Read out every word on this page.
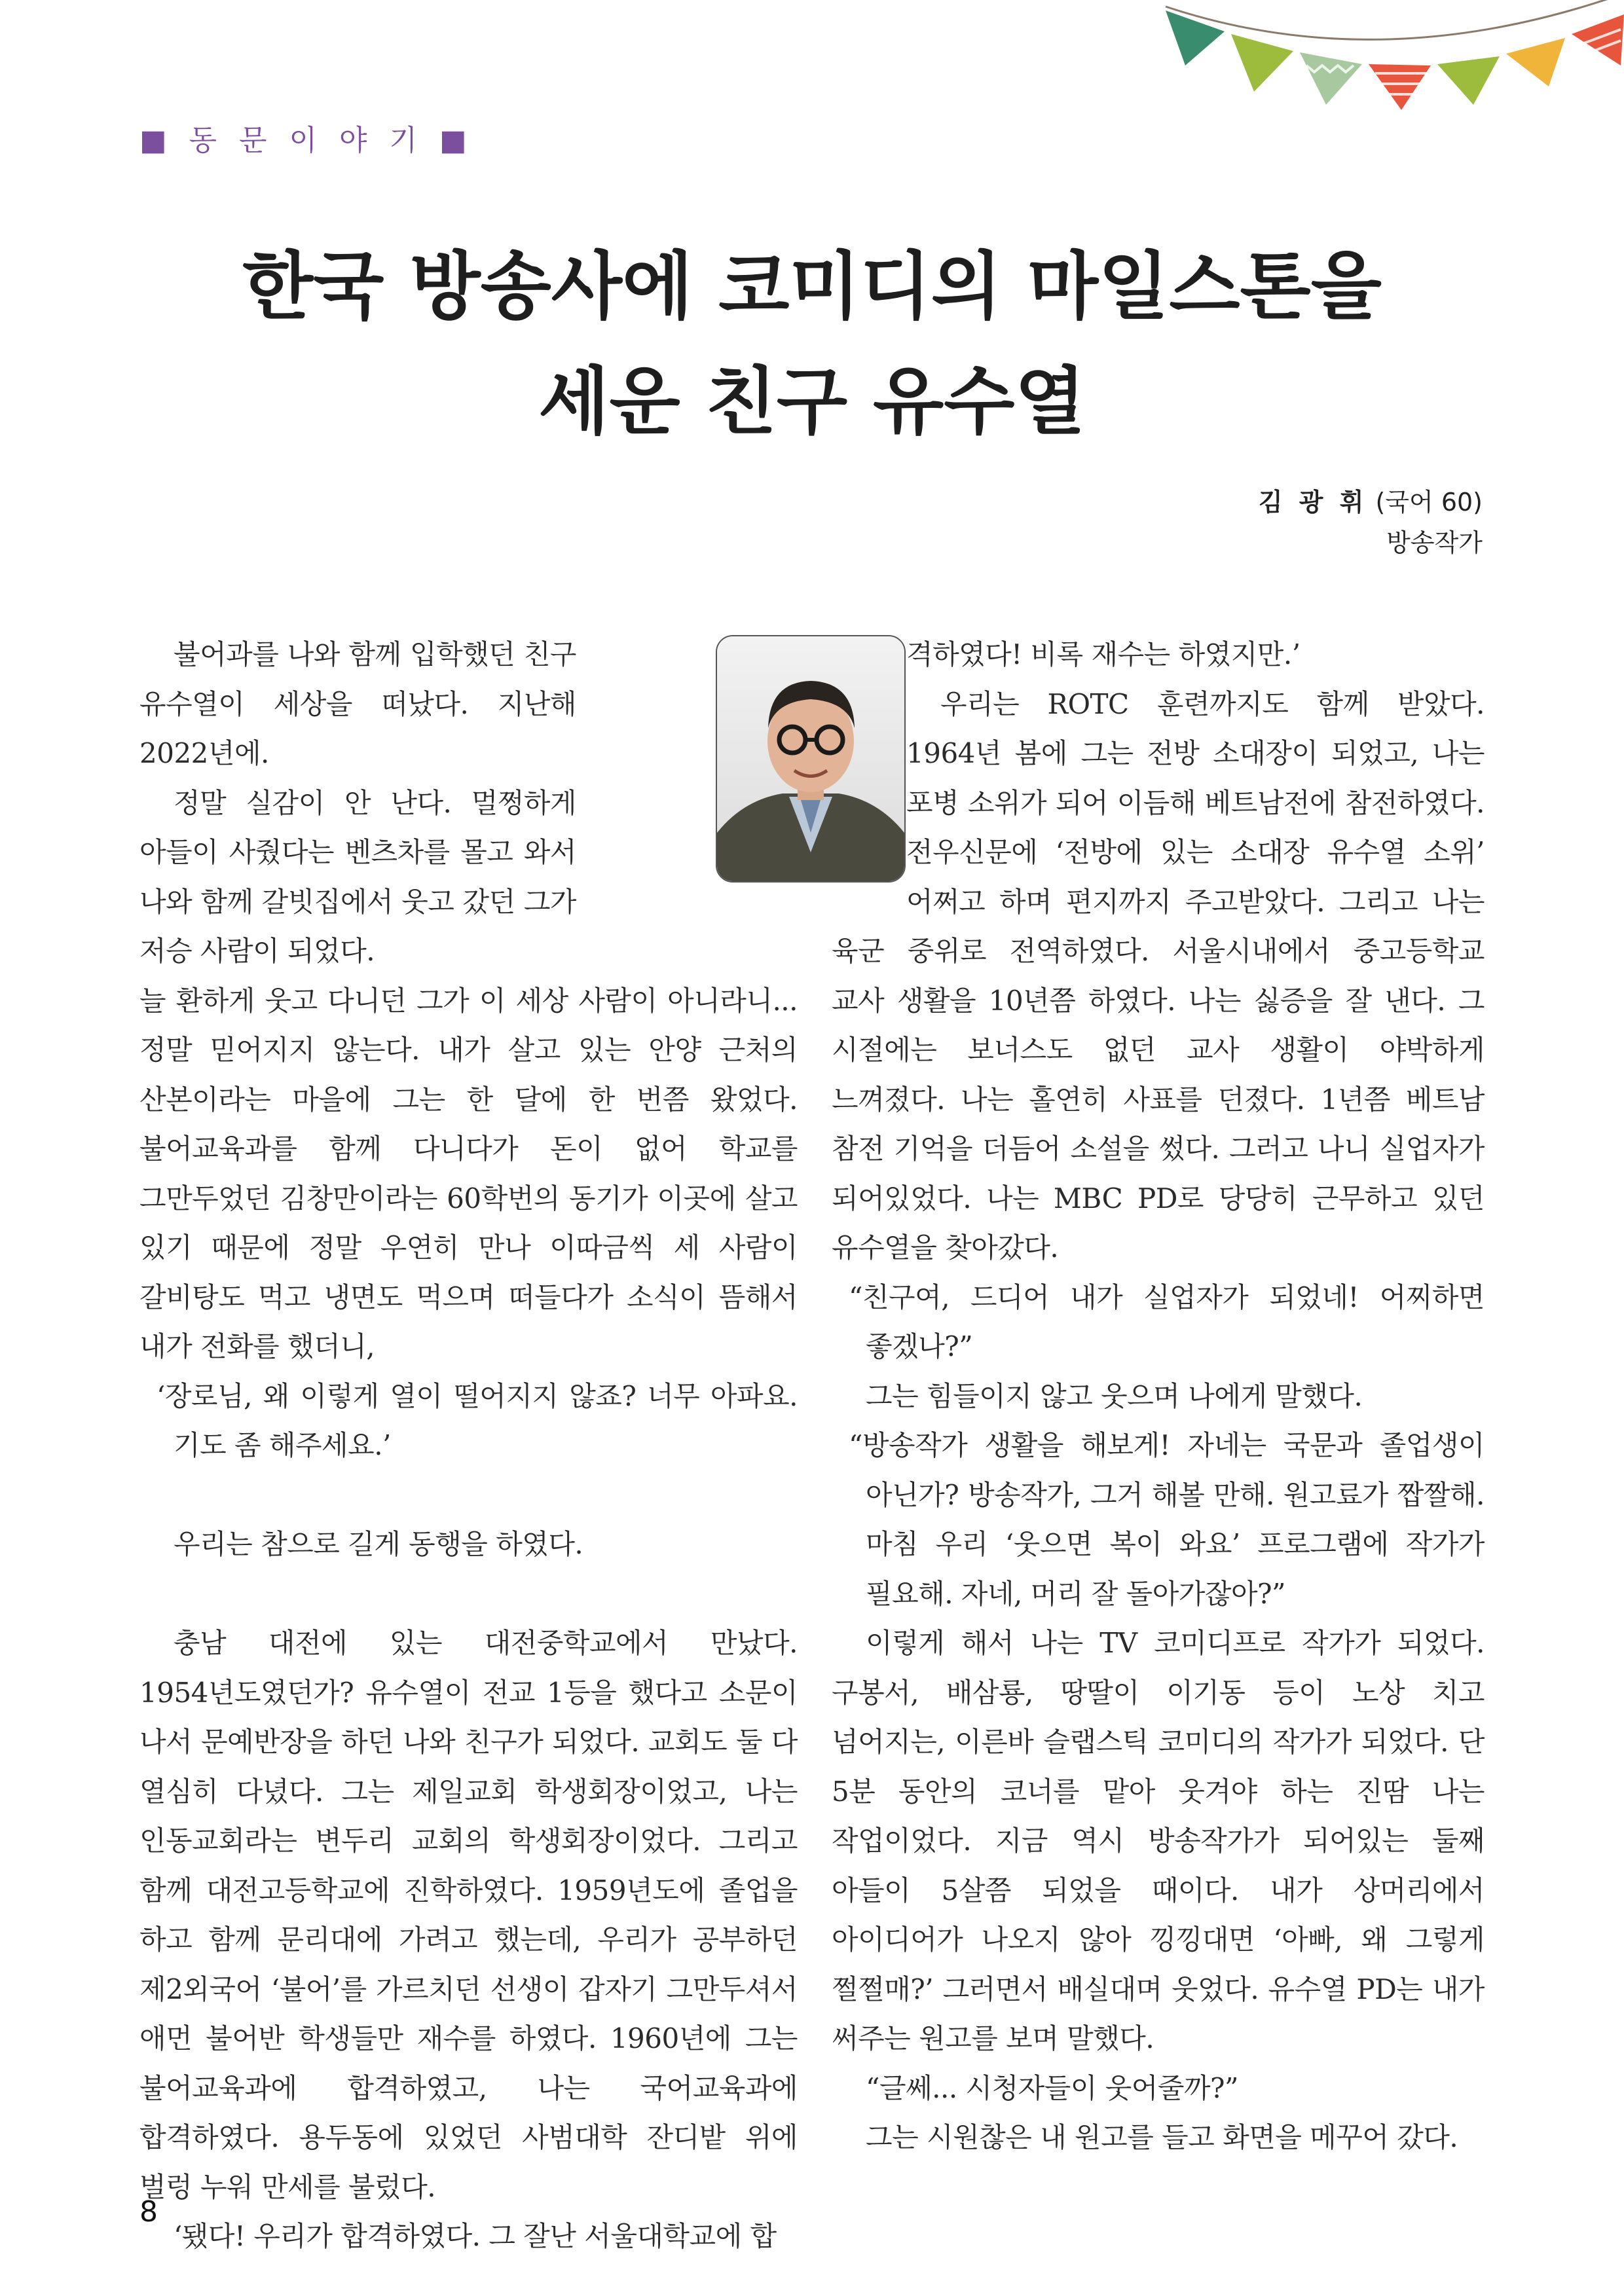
■ 동 문 이 야 기 ■
한국 방송사에 코미디의 마일스톤을
세운 친구 유수열
김 광 휘 (국어 60)
방송작가

불어과를 나와 함께 입학했던 친구 유수열이 세상을 떠났다. 지난해 2022년에.

정말 실감이 안 난다. 멀쩡하게 아들이 사줬다는 벤츠차를 몰고 와서 나와 함께 갈빗집에서 웃고 갔던 그가 저승 사람이 되었다.

늘 환하게 웃고 다니던 그가 이 세상 사람이 아니라니... 정말 믿어지지 않는다. 내가 살고 있는 안양 근처의 산본이라는 마을에 그는 한 달에 한 번쯤 왔었다. 불어교육과를 함께 다니다가 돈이 없어 학교를 그만두었던 김창만이라는 60학번의 동기가 이곳에 살고 있기 때문에 정말 우연히 만나 이따금씩 세 사람이 갈비탕도 먹고 냉면도 먹으며 떠들다가 소식이 뜸해서 내가 전화를 했더니,

‘장로님, 왜 이렇게 열이 떨어지지 않죠? 너무 아파요. 기도 좀 해주세요.’

우리는 참으로 길게 동행을 하였다.

충남 대전에 있는 대전중학교에서 만났다. 1954년도였던가? 유수열이 전교 1등을 했다고 소문이 나서 문예반장을 하던 나와 친구가 되었다. 교회도 둘 다 열심히 다녔다. 그는 제일교회 학생회장이었고, 나는 인동교회라는 변두리 교회의 학생회장이었다. 그리고 함께 대전고등학교에 진학하였다. 1959년도에 졸업을 하고 함께 문리대에 가려고 했는데, 우리가 공부하던 제2외국어 ‘불어’를 가르치던 선생이 갑자기 그만두셔서 애먼 불어반 학생들만 재수를 하였다. 1960년에 그는 불어교육과에 합격하였고, 나는 국어교육과에 합격하였다. 용두동에 있었던 사범대학 잔디밭 위에 벌렁 누워 만세를 불렀다.

‘됐다! 우리가 합격하였다. 그 잘난 서울대학교에 합

격하였다! 비록 재수는 하였지만.’

우리는 ROTC 훈련까지도 함께 받았다. 1964년 봄에 그는 전방 소대장이 되었고, 나는 포병 소위가 되어 이듬해 베트남전에 참전하였다. 전우신문에 ‘전방에 있는 소대장 유수열 소위’ 어쩌고 하며 편지까지 주고받았다. 그리고 나는 육군 중위로 전역하였다. 서울시내에서 중고등학교 교사 생활을 10년쯤 하였다. 나는 싫증을 잘 낸다. 그 시절에는 보너스도 없던 교사 생활이 야박하게 느껴졌다. 나는 홀연히 사표를 던졌다. 1년쯤 베트남 참전 기억을 더듬어 소설을 썼다. 그러고 나니 실업자가 되어있었다. 나는 MBC PD로 당당히 근무하고 있던 유수열을 찾아갔다.

“친구여, 드디어 내가 실업자가 되었네! 어찌하면 좋겠나?”

그는 힘들이지 않고 웃으며 나에게 말했다.

“방송작가 생활을 해보게! 자네는 국문과 졸업생이 아닌가? 방송작가, 그거 해볼 만해. 원고료가 짭짤해. 마침 우리 ‘웃으면 복이 와요’ 프로그램에 작가가 필요해. 자네, 머리 잘 돌아가잖아?”

이렇게 해서 나는 TV 코미디프로 작가가 되었다. 구봉서, 배삼룡, 땅딸이 이기동 등이 노상 치고 넘어지는, 이른바 슬랩스틱 코미디의 작가가 되었다. 단 5분 동안의 코너를 맡아 웃겨야 하는 진땀 나는 작업이었다. 지금 역시 방송작가가 되어있는 둘째 아들이 5살쯤 되었을 때이다. 내가 상머리에서 아이디어가 나오지 않아 낑낑대면 ‘아빠, 왜 그렇게 쩔쩔매?’ 그러면서 배실대며 웃었다. 유수열 PD는 내가 써주는 원고를 보며 말했다.

“글쎄... 시청자들이 웃어줄까?”

그는 시원찮은 내 원고를 들고 화면을 메꾸어 갔다.

8
